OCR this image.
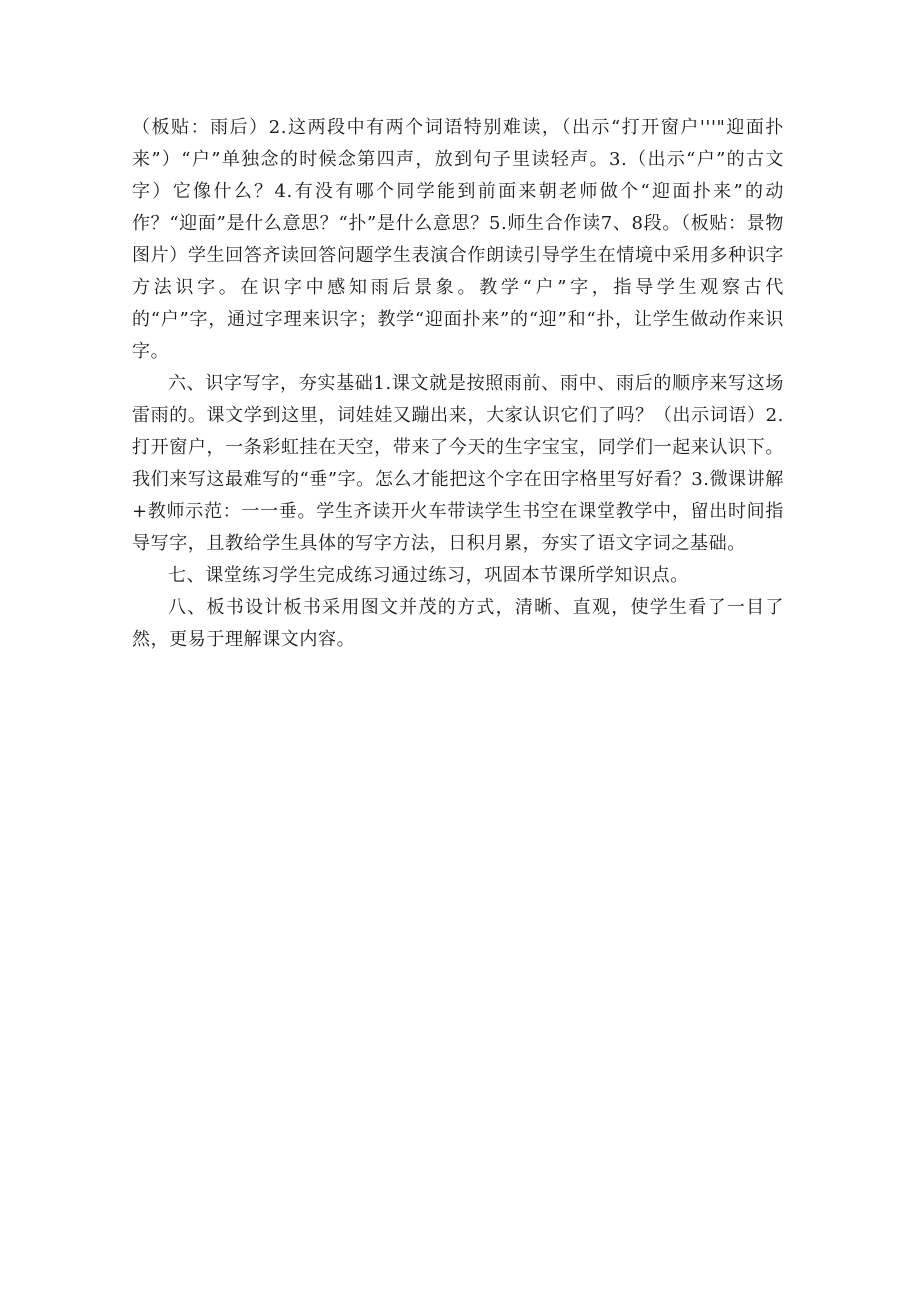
（板贴：雨后）2.这两段中有两个词语特别难读，（出示“打开窗户'''"迎面扑来”）“户”单独念的时候念第四声，放到句子里读轻声。3.（出示“户”的古文字）它像什么？4.有没有哪个同学能到前面来朝老师做个“迎面扑来”的动作？“迎面”是什么意思？“扑”是什么意思？5.师生合作读7、8段。（板贴：景物图片）学生回答齐读回答问题学生表演合作朗读引导学生在情境中采用多种识字方法识字。在识字中感知雨后景象。教学“户”字，指导学生观察古代的“户”字，通过字理来识字；教学“迎面扑来”的“迎”和“扑，让学生做动作来识字。

六、识字写字，夯实基础1.课文就是按照雨前、雨中、雨后的顺序来写这场雷雨的。课文学到这里，词娃娃又蹦出来，大家认识它们了吗？（出示词语）2.打开窗户，一条彩虹挂在天空，带来了今天的生字宝宝，同学们一起来认识下。我们来写这最难写的“垂”字。怎么才能把这个字在田字格里写好看？3.微课讲解+教师示范：一一垂。学生齐读开火车带读学生书空在课堂教学中，留出时间指导写字，且教给学生具体的写字方法，日积月累，夯实了语文字词之基础。

七、课堂练习学生完成练习通过练习，巩固本节课所学知识点。

八、板书设计板书采用图文并茂的方式，清晰、直观，使学生看了一目了然，更易于理解课文内容。
